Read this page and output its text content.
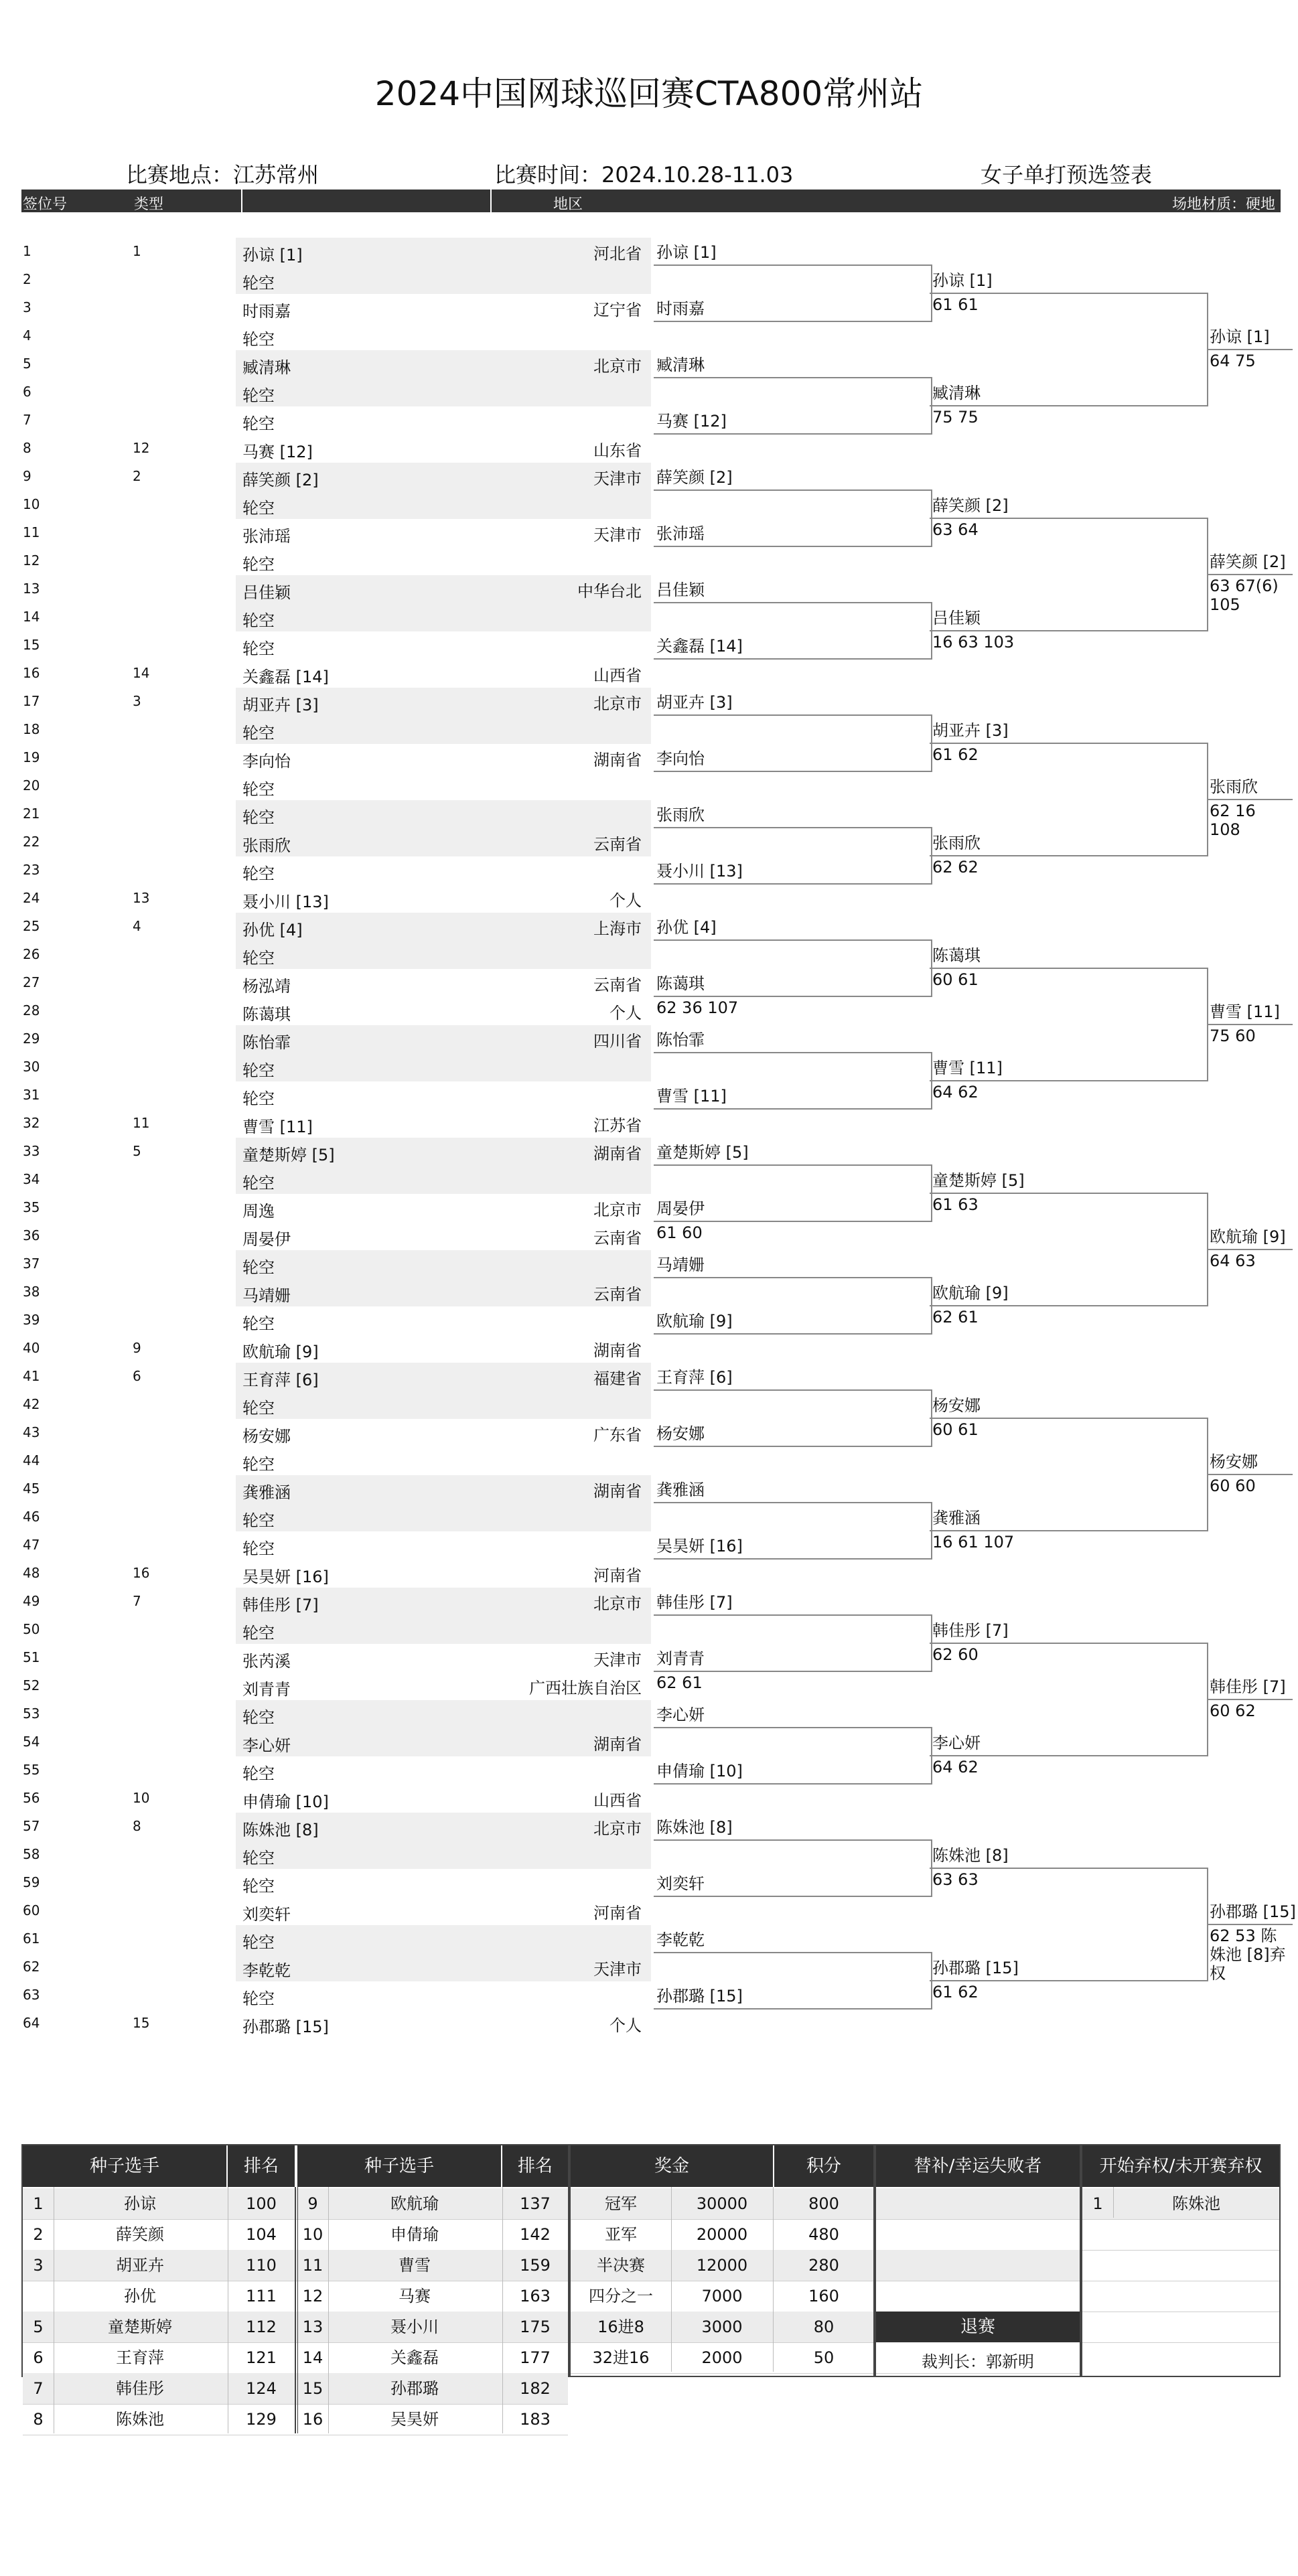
2024中国网球巡回赛CTA800常州站
比赛地点：江苏常州	比赛时间：2024.10.28-11.03	女子单打预选签表
签位号	类型	地区	场地材质：硬地
1	1	孙谅 [1]	河北省
2	轮空
3	时雨嘉	辽宁省
4	轮空
5	臧清琳	北京市
6	轮空
7	轮空
8	12	马赛 [12]	山东省
9	2	薛笑颜 [2]	天津市
10	轮空
11	张沛瑶	天津市
12	轮空
13	吕佳颖	中华台北
14	轮空
15	轮空
16	14	关鑫磊 [14]	山西省
17	3	胡亚卉 [3]	北京市
18	轮空
19	李向怡	湖南省
20	轮空
21	轮空
22	张雨欣	云南省
23	轮空
24	13	聂小川 [13]	个人
25	4	孙优 [4]	上海市
26	轮空
27	杨泓靖	云南省
28	陈蔼琪	个人
29	陈怡霏	四川省
30	轮空
31	轮空
32	11	曹雪 [11]	江苏省
33	5	童楚斯婷 [5]	湖南省
34	轮空
35	周逸	北京市
36	周晏伊	云南省
37	轮空
38	马靖姗	云南省
39	轮空
40	9	欧航瑜 [9]	湖南省
41	6	王育萍 [6]	福建省
42	轮空
43	杨安娜	广东省
44	轮空
45	龚雅涵	湖南省
46	轮空
47	轮空
48	16	吴昊妍 [16]	河南省
49	7	韩佳彤 [7]	北京市
50	轮空
51	张芮溪	天津市
52	刘青青	广西壮族自治区
53	轮空
54	李心妍	湖南省
55	轮空
56	10	申倩瑜 [10]	山西省
57	8	陈姝池 [8]	北京市
58	轮空
59	轮空
60	刘奕轩	河南省
61	轮空
62	李乾乾	天津市
63	轮空
64	15	孙郡璐 [15]	个人
孙谅 [1]
时雨嘉
臧清琳
马赛 [12]
薛笑颜 [2]
张沛瑶
吕佳颖
关鑫磊 [14]
胡亚卉 [3]
李向怡
张雨欣
聂小川 [13]
孙优 [4]
陈蔼琪
62 36 107
陈怡霏
曹雪 [11]
童楚斯婷 [5]
周晏伊
61 60
马靖姗
欧航瑜 [9]
王育萍 [6]
杨安娜
龚雅涵
吴昊妍 [16]
韩佳彤 [7]
刘青青
62 61
李心妍
申倩瑜 [10]
陈姝池 [8]
刘奕轩
李乾乾
孙郡璐 [15]
孙谅 [1]
61 61
臧清琳
75 75
薛笑颜 [2]
63 64
吕佳颖
16 63 103
胡亚卉 [3]
61 62
张雨欣
62 62
陈蔼琪
60 61
曹雪 [11]
64 62
童楚斯婷 [5]
61 63
欧航瑜 [9]
62 61
杨安娜
60 61
龚雅涵
16 61 107
韩佳彤 [7]
62 60
李心妍
64 62
陈姝池 [8]
63 63
孙郡璐 [15]
61 62
孙谅 [1]
64 75
薛笑颜 [2]
63 67(6) 105
张雨欣
62 16 108
曹雪 [11]
75 60
欧航瑜 [9]
64 63
杨安娜
60 60
韩佳彤 [7]
60 62
孙郡璐 [15]
62 53 陈姝池 [8]弃权
种子选手	排名	种子选手	排名
1	孙谅	100
2	薛笑颜	104
3	胡亚卉	110
孙优	111
5	童楚斯婷	112
6	王育萍	121
7	韩佳彤	124
8	陈姝池	129
9	欧航瑜	137
10	申倩瑜	142
11	曹雪	159
12	马赛	163
13	聂小川	175
14	关鑫磊	177
15	孙郡璐	182
16	吴昊妍	183
奖金	积分
冠军	30000	800
亚军	20000	480
半决赛	12000	280
四分之一	7000	160
16进8	3000	80
32进16	2000	50
替补/幸运失败者
退赛
裁判长：郭新明
开始弃权/未开赛弃权
1	陈姝池
